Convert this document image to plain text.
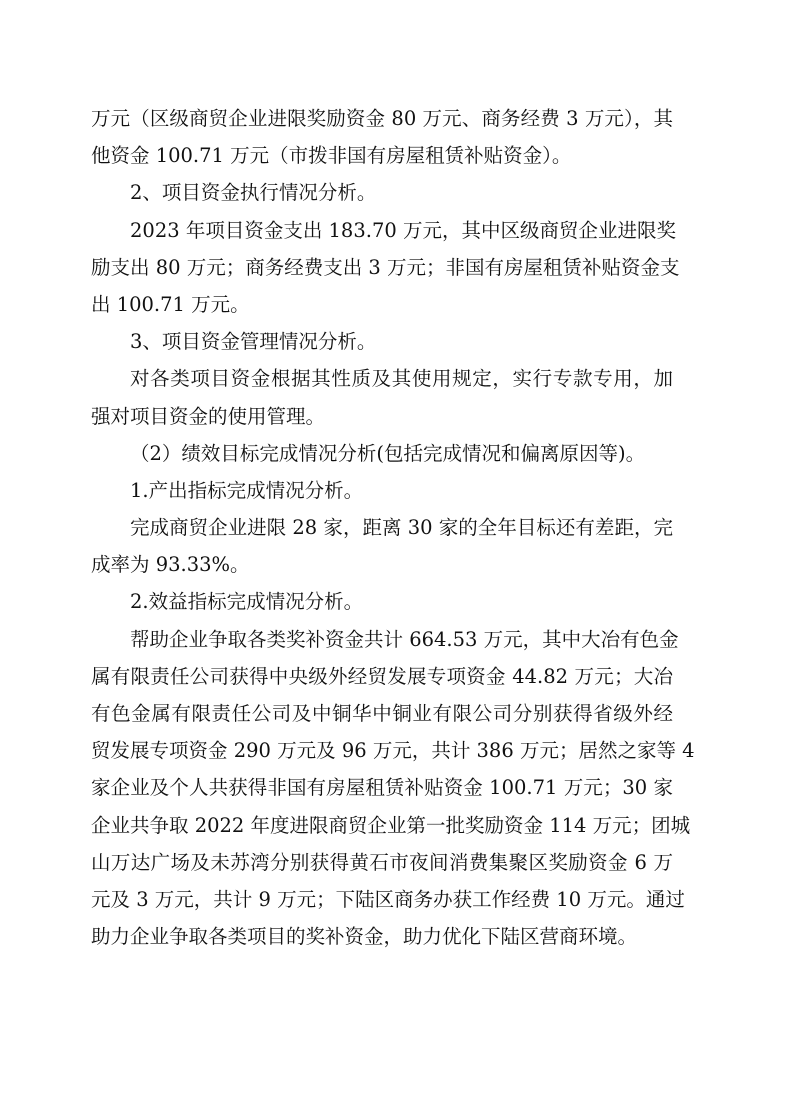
万元（区级商贸企业进限奖励资金 80 万元、商务经费 3 万元），其
他资金 100.71 万元（市拨非国有房屋租赁补贴资金）。
2、项目资金执行情况分析。
2023 年项目资金支出 183.70 万元，其中区级商贸企业进限奖
励支出 80 万元；商务经费支出 3 万元；非国有房屋租赁补贴资金支
出 100.71 万元。
3、项目资金管理情况分析。
对各类项目资金根据其性质及其使用规定，实行专款专用，加
强对项目资金的使用管理。
（2）绩效目标完成情况分析(包括完成情况和偏离原因等)。
1.产出指标完成情况分析。
完成商贸企业进限 28 家，距离 30 家的全年目标还有差距，完
成率为 93.33%。
2.效益指标完成情况分析。
帮助企业争取各类奖补资金共计 664.53 万元，其中大冶有色金
属有限责任公司获得中央级外经贸发展专项资金 44.82 万元；大冶
有色金属有限责任公司及中铜华中铜业有限公司分别获得省级外经
贸发展专项资金 290 万元及 96 万元，共计 386 万元；居然之家等 4
家企业及个人共获得非国有房屋租赁补贴资金 100.71 万元；30 家
企业共争取 2022 年度进限商贸企业第一批奖励资金 114 万元；团城
山万达广场及未苏湾分别获得黄石市夜间消费集聚区奖励资金 6 万
元及 3 万元，共计 9 万元；下陆区商务办获工作经费 10 万元。通过
助力企业争取各类项目的奖补资金，助力优化下陆区营商环境。
